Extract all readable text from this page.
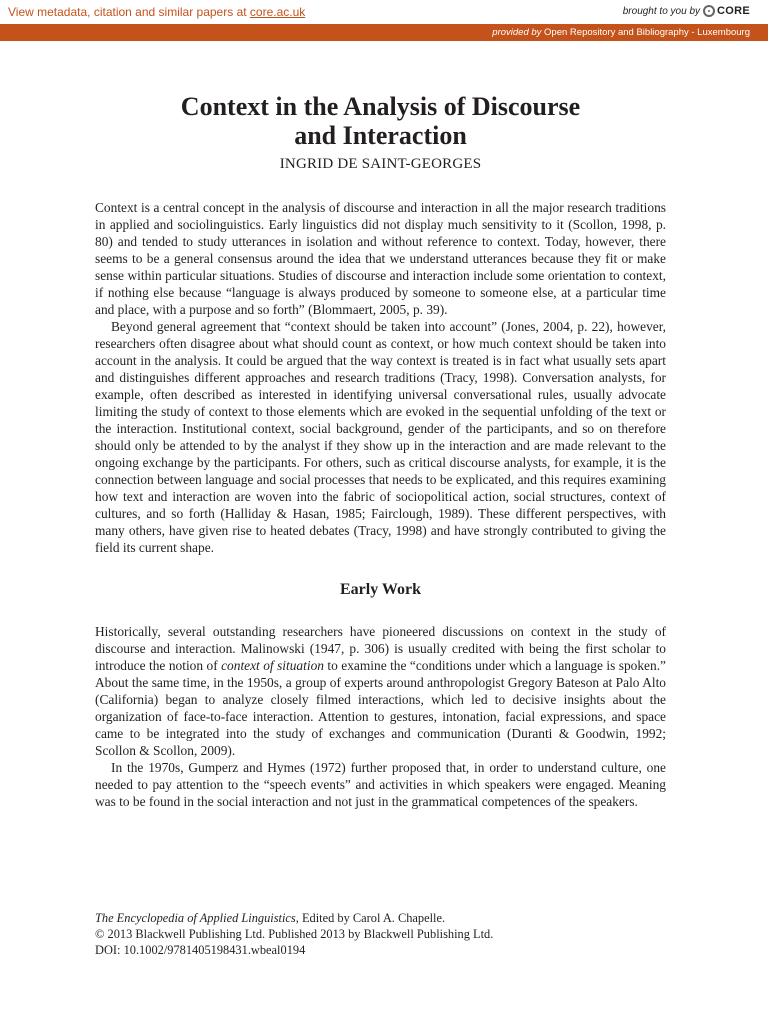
View metadata, citation and similar papers at core.ac.uk	brought to you by CORE
provided by Open Repository and Bibliography - Luxembourg
Context in the Analysis of Discourse
and Interaction
INGRID DE SAINT-GEORGES

Context is a central concept in the analysis of discourse and interaction in all the major research traditions in applied and sociolinguistics. Early linguistics did not display much sensitivity to it (Scollon, 1998, p. 80) and tended to study utterances in isolation and without reference to context. Today, however, there seems to be a general consensus around the idea that we understand utterances because they fit or make sense within particular situations. Studies of discourse and interaction include some orientation to context, if nothing else because “language is always produced by someone to someone else, at a particular time and place, with a purpose and so forth” (Blommaert, 2005, p. 39).

Beyond general agreement that “context should be taken into account” (Jones, 2004, p. 22), however, researchers often disagree about what should count as context, or how much context should be taken into account in the analysis. It could be argued that the way context is treated is in fact what usually sets apart and distinguishes different approaches and research traditions (Tracy, 1998). Conversation analysts, for example, often described as interested in identifying universal conversational rules, usually advocate limiting the study of context to those elements which are evoked in the sequential unfolding of the text or the interaction. Institutional context, social background, gender of the participants, and so on therefore should only be attended to by the analyst if they show up in the interaction and are made relevant to the ongoing exchange by the participants. For others, such as critical discourse analysts, for example, it is the connection between language and social processes that needs to be explicated, and this requires examining how text and interaction are woven into the fabric of sociopolitical action, social structures, context of cultures, and so forth (Halliday & Hasan, 1985; Fairclough, 1989). These different perspectives, with many others, have given rise to heated debates (Tracy, 1998) and have strongly contributed to giving the field its current shape.

Early Work

Historically, several outstanding researchers have pioneered discussions on context in the study of discourse and interaction. Malinowski (1947, p. 306) is usually credited with being the first scholar to introduce the notion of context of situation to examine the “conditions under which a language is spoken.” About the same time, in the 1950s, a group of experts around anthropologist Gregory Bateson at Palo Alto (California) began to analyze closely filmed interactions, which led to decisive insights about the organization of face-to-face interaction. Attention to gestures, intonation, facial expressions, and space came to be integrated into the study of exchanges and communication (Duranti & Goodwin, 1992; Scollon & Scollon, 2009).

In the 1970s, Gumperz and Hymes (1972) further proposed that, in order to understand culture, one needed to pay attention to the “speech events” and activities in which speakers were engaged. Meaning was to be found in the social interaction and not just in the grammatical competences of the speakers.

The Encyclopedia of Applied Linguistics, Edited by Carol A. Chapelle.
© 2013 Blackwell Publishing Ltd. Published 2013 by Blackwell Publishing Ltd.
DOI: 10.1002/9781405198431.wbeal0194
